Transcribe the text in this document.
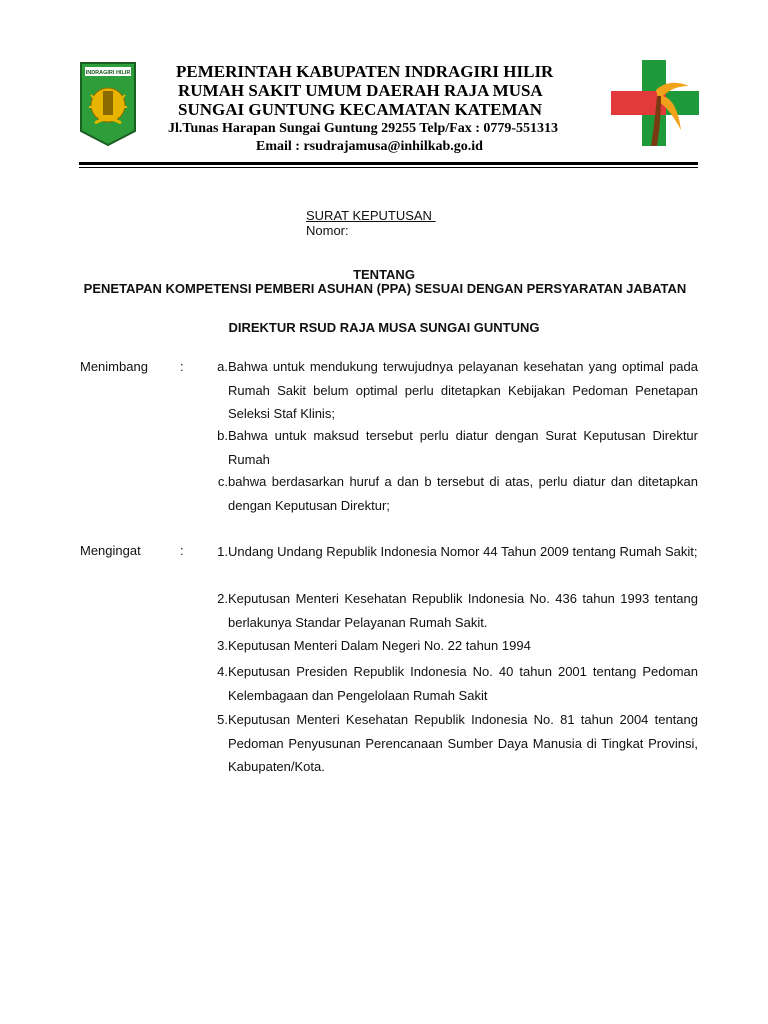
INDRAGIRI HILIR	PEMERINTAH KABUPATEN INDRAGIRI HILIR
RUMAH SAKIT UMUM DAERAH RAJA MUSA
SUNGAI GUNTUNG KECAMATAN KATEMAN
Jl.Tunas Harapan Sungai Guntung 29255 Telp/Fax : 0779-551313
Email : rsudrajamusa@inhilkab.go.id
SURAT KEPUTUSAN
Nomor:
TENTANG
PENETAPAN KOMPETENSI PEMBERI ASUHAN (PPA) SESUAI DENGAN PERSYARATAN JABATAN
DIREKTUR RSUD RAJA MUSA SUNGAI GUNTUNG
Menimbang :	a. Bahwa untuk mendukung terwujudnya pelayanan kesehatan yang optimal pada Rumah Sakit belum optimal perlu ditetapkan Kebijakan Pedoman Penetapan Seleksi Staf Klinis;
b. Bahwa untuk maksud tersebut perlu diatur dengan Surat Keputusan Direktur Rumah
c. bahwa berdasarkan huruf a dan b tersebut di atas, perlu diatur dan ditetapkan dengan Keputusan Direktur;
Mengingat	:	1. Undang Undang Republik Indonesia Nomor 44 Tahun 2009 tentang Rumah Sakit;
2. Keputusan Menteri Kesehatan Republik Indonesia No. 436 tahun 1993 tentang berlakunya Standar Pelayanan Rumah Sakit.
3. Keputusan Menteri Dalam Negeri No. 22 tahun 1994
4. Keputusan Presiden Republik Indonesia No. 40 tahun 2001 tentang Pedoman Kelembagaan dan Pengelolaan Rumah Sakit
5. Keputusan Menteri Kesehatan Republik Indonesia No. 81 tahun 2004 tentang Pedoman Penyusunan Perencanaan Sumber Daya Manusia di Tingkat Provinsi, Kabupaten/Kota.
